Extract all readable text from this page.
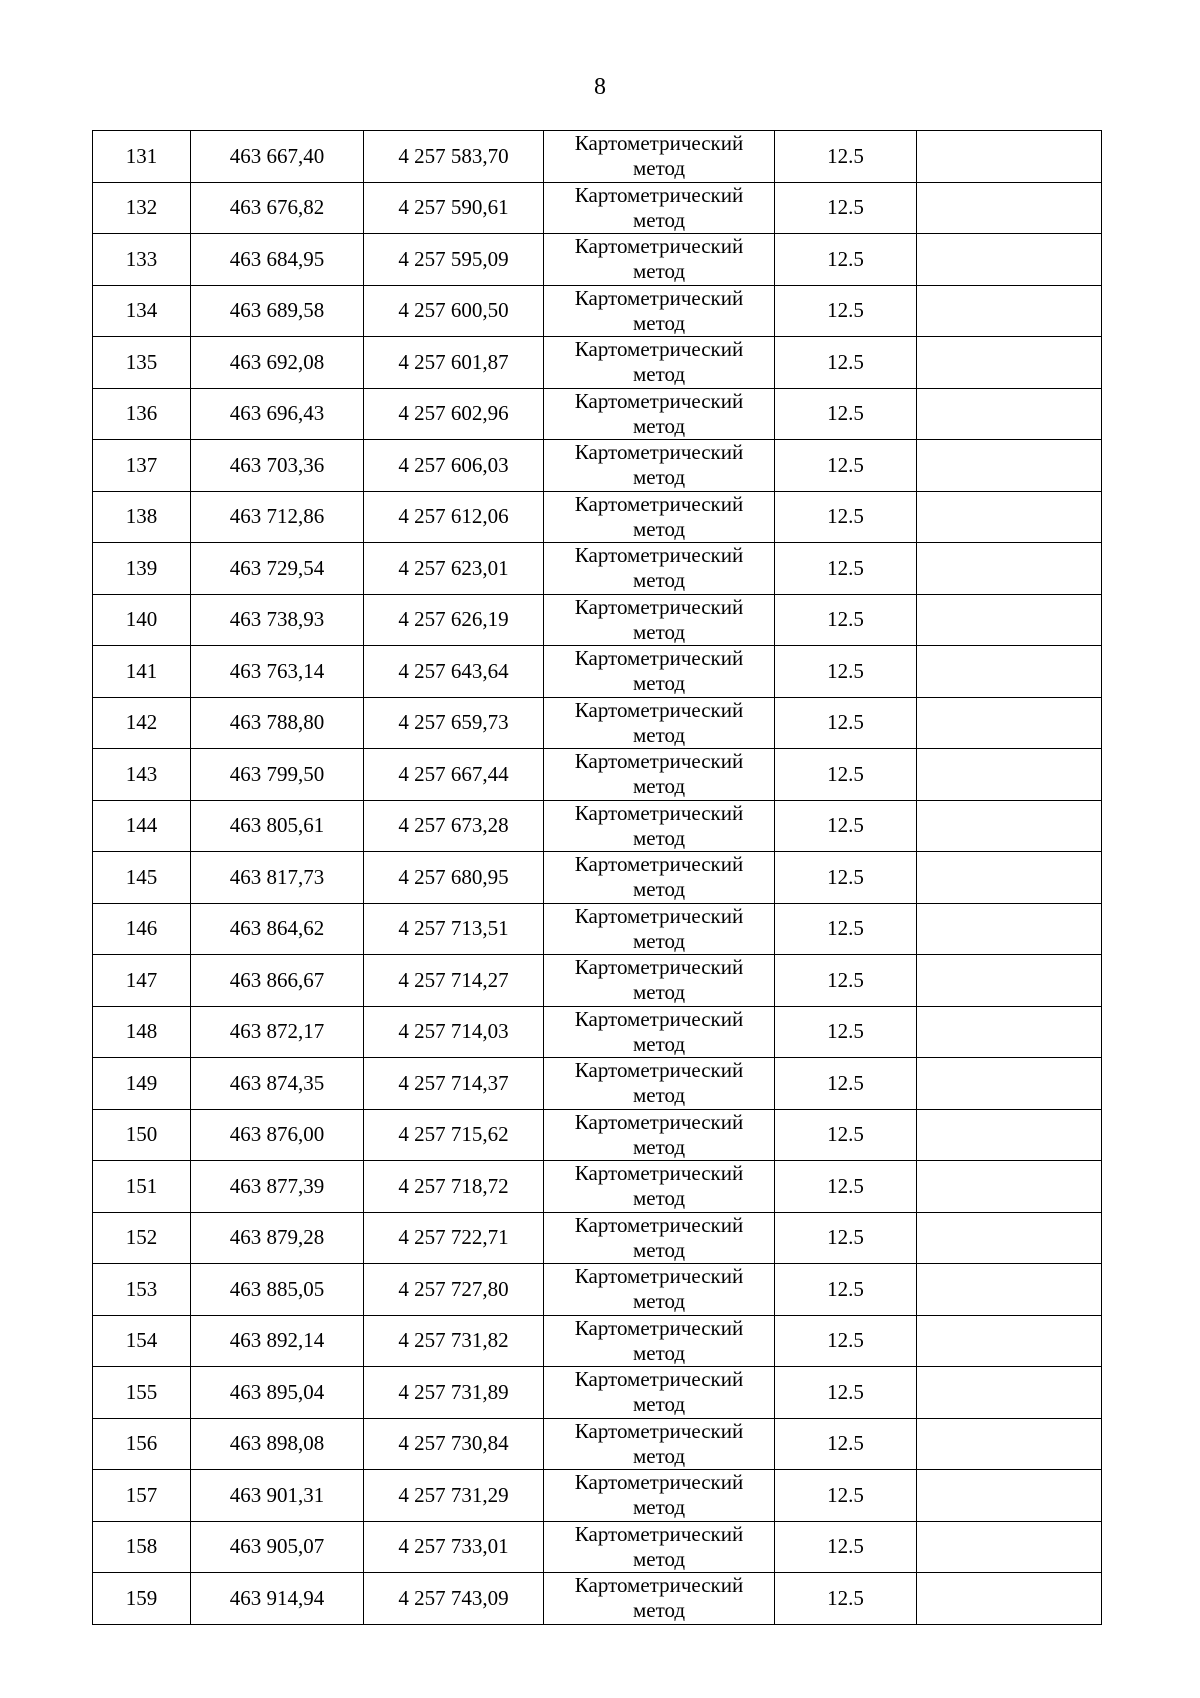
8
131	463 667,40	4 257 583,70	Картометрический
метод	12.5	
132	463 676,82	4 257 590,61	Картометрический
метод	12.5	
133	463 684,95	4 257 595,09	Картометрический
метод	12.5	
134	463 689,58	4 257 600,50	Картометрический
метод	12.5	
135	463 692,08	4 257 601,87	Картометрический
метод	12.5	
136	463 696,43	4 257 602,96	Картометрический
метод	12.5	
137	463 703,36	4 257 606,03	Картометрический
метод	12.5	
138	463 712,86	4 257 612,06	Картометрический
метод	12.5	
139	463 729,54	4 257 623,01	Картометрический
метод	12.5	
140	463 738,93	4 257 626,19	Картометрический
метод	12.5	
141	463 763,14	4 257 643,64	Картометрический
метод	12.5	
142	463 788,80	4 257 659,73	Картометрический
метод	12.5	
143	463 799,50	4 257 667,44	Картометрический
метод	12.5	
144	463 805,61	4 257 673,28	Картометрический
метод	12.5	
145	463 817,73	4 257 680,95	Картометрический
метод	12.5	
146	463 864,62	4 257 713,51	Картометрический
метод	12.5	
147	463 866,67	4 257 714,27	Картометрический
метод	12.5	
148	463 872,17	4 257 714,03	Картометрический
метод	12.5	
149	463 874,35	4 257 714,37	Картометрический
метод	12.5	
150	463 876,00	4 257 715,62	Картометрический
метод	12.5	
151	463 877,39	4 257 718,72	Картометрический
метод	12.5	
152	463 879,28	4 257 722,71	Картометрический
метод	12.5	
153	463 885,05	4 257 727,80	Картометрический
метод	12.5	
154	463 892,14	4 257 731,82	Картометрический
метод	12.5	
155	463 895,04	4 257 731,89	Картометрический
метод	12.5	
156	463 898,08	4 257 730,84	Картометрический
метод	12.5	
157	463 901,31	4 257 731,29	Картометрический
метод	12.5	
158	463 905,07	4 257 733,01	Картометрический
метод	12.5	
159	463 914,94	4 257 743,09	Картометрический
метод	12.5	
